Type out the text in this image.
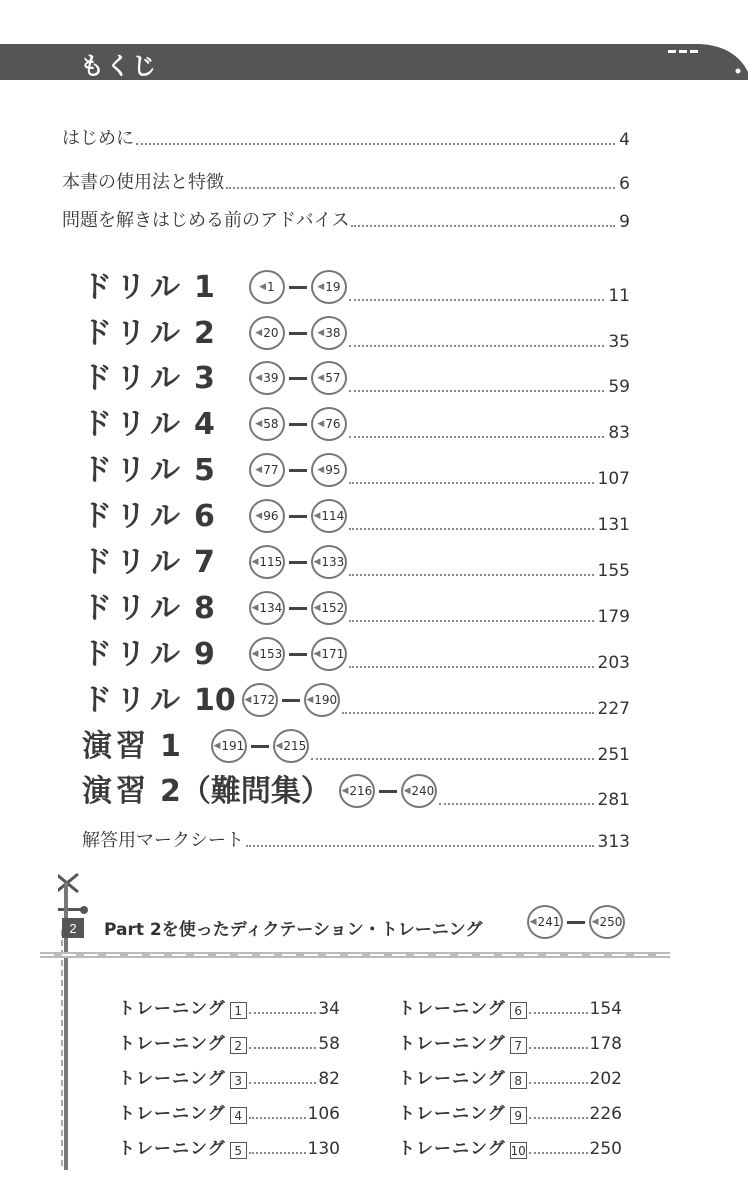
もくじ
はじめに	4
本書の使用法と特徴	6
問題を解きはじめる前のアドバイス	9
ドリル 1	◀ 1	◀ 19	11
ドリル 2	◀ 20	◀ 38	35
ドリル 3	◀ 39	◀ 57	59
ドリル 4	◀ 58	◀ 76	83
ドリル 5	◀ 77	◀ 95	107
ドリル 6	◀ 96	◀ 114	131
ドリル 7	◀ 115	◀ 133	155
ドリル 8	◀ 134	◀ 152	179
ドリル 9	◀ 153	◀ 171	203
ドリル 10 ◀ 172	◀ 190	227
演習 1	◀ 191	◀ 215	251
演習 2（難問集） ◀ 216	◀ 240	281
解答用マークシート	313
2 Part 2を使ったディクテーション・トレーニング	◀ 241	◀ 250
トレーニング 1	34
トレーニング 2	58
トレーニング 3	82
トレーニング 4	106
トレーニング 5	130
トレーニング 6	154
トレーニング 7	178
トレーニング 8	202
トレーニング 9	226
トレーニング 10	250
